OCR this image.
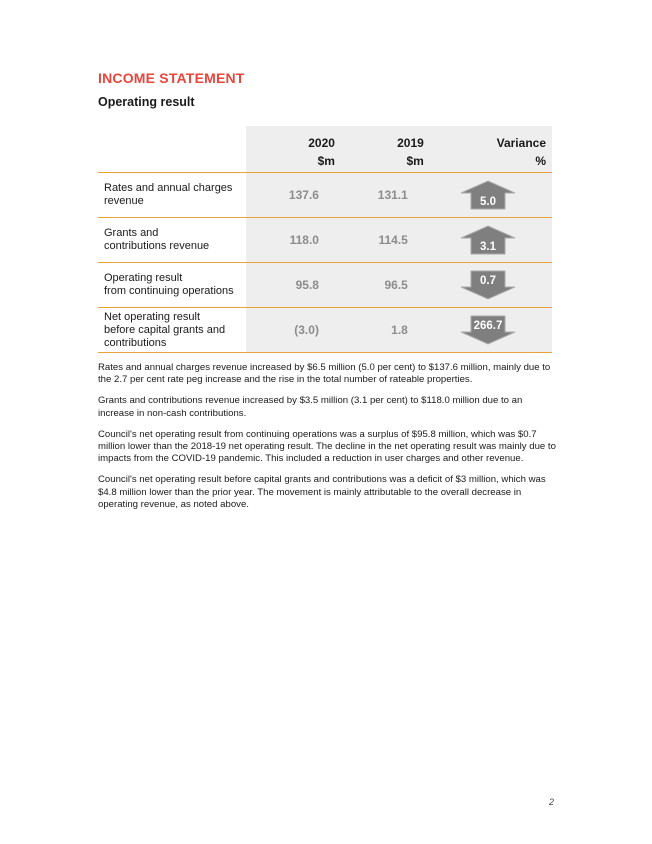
INCOME STATEMENT
Operating result
	2020	2019	Variance
	$m	$m	%
Rates and annual charges
revenue	137.6	131.1	5.0

Grants and
contributions revenue	118.0	114.5	3.1

Operating result
from continuing operations	95.8	96.5	0.7

Net operating result
before capital grants and
contributions	(3.0)	1.8	266.7

Rates and annual charges revenue increased by $6.5 million (5.0 per cent) to $137.6 million, mainly due to the 2.7 per cent rate peg increase and the rise in the total number of rateable properties.

Grants and contributions revenue increased by $3.5 million (3.1 per cent) to $118.0 million due to an increase in non-cash contributions.

Council's net operating result from continuing operations was a surplus of $95.8 million, which was $0.7 million lower than the 2018-19 net operating result. The decline in the net operating result was mainly due to impacts from the COVID-19 pandemic. This included a reduction in user charges and other revenue.

Council's net operating result before capital grants and contributions was a deficit of $3 million, which was $4.8 million lower than the prior year. The movement is mainly attributable to the overall decrease in operating revenue, as noted above.

2
